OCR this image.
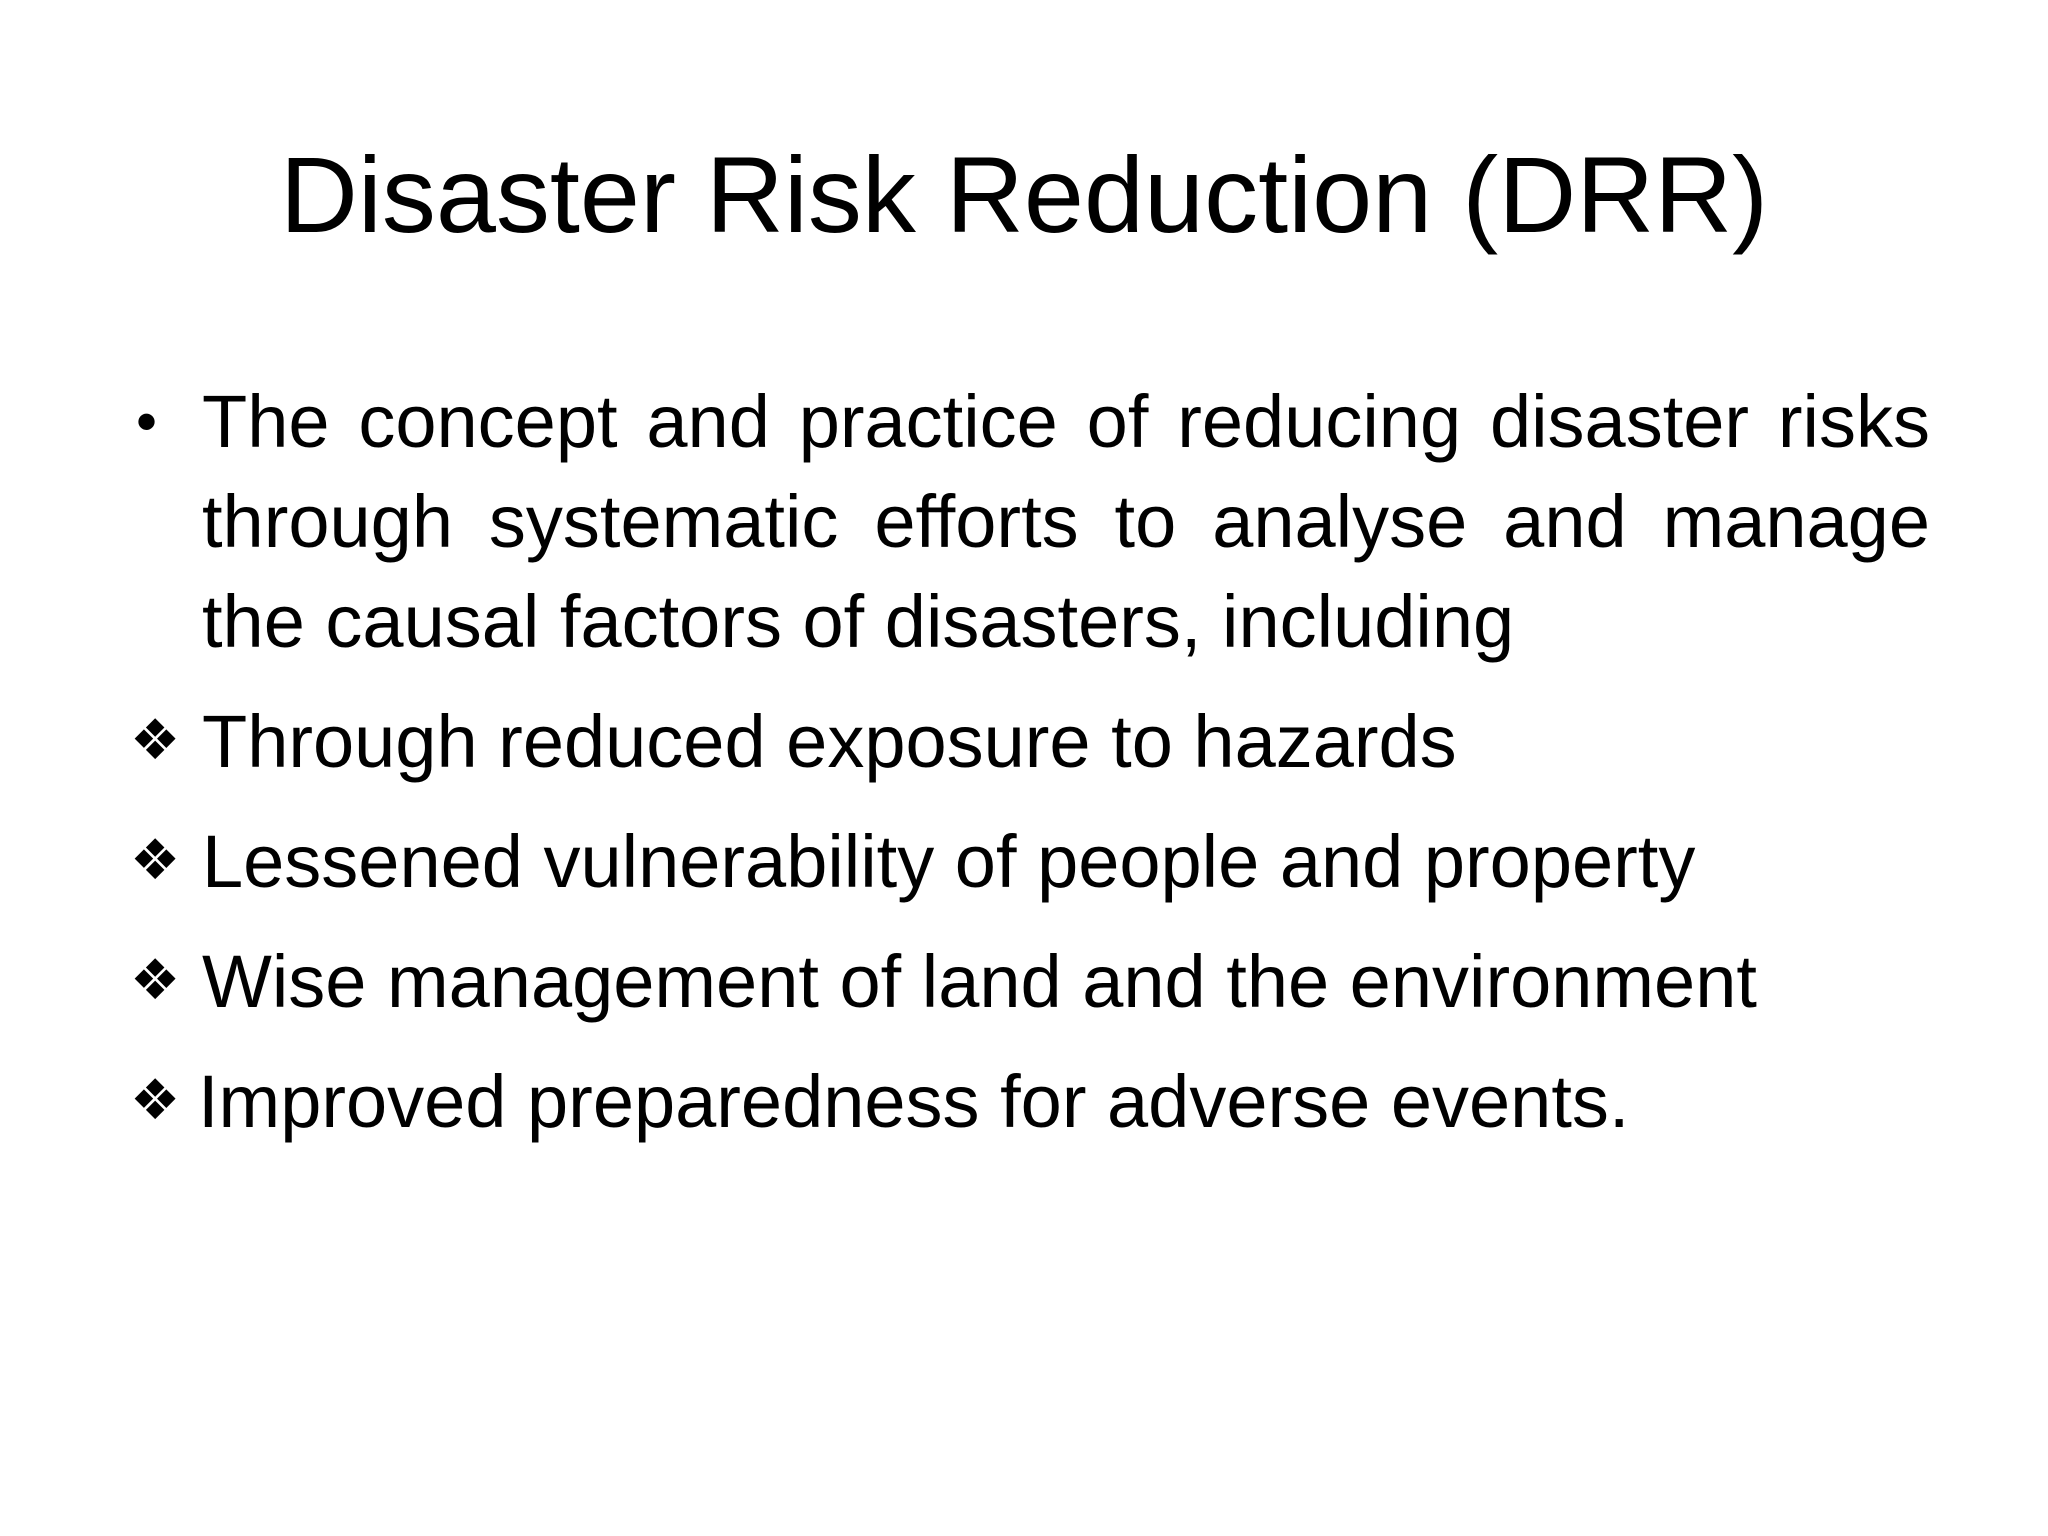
Disaster Risk Reduction (DRR)
• The concept and practice of reducing disaster risks through systematic efforts to analyse and manage the causal factors of disasters, including
❖ Through reduced exposure to hazards
❖ Lessened vulnerability of people and property
❖ Wise management of land and the environment
❖ Improved preparedness for adverse events.
